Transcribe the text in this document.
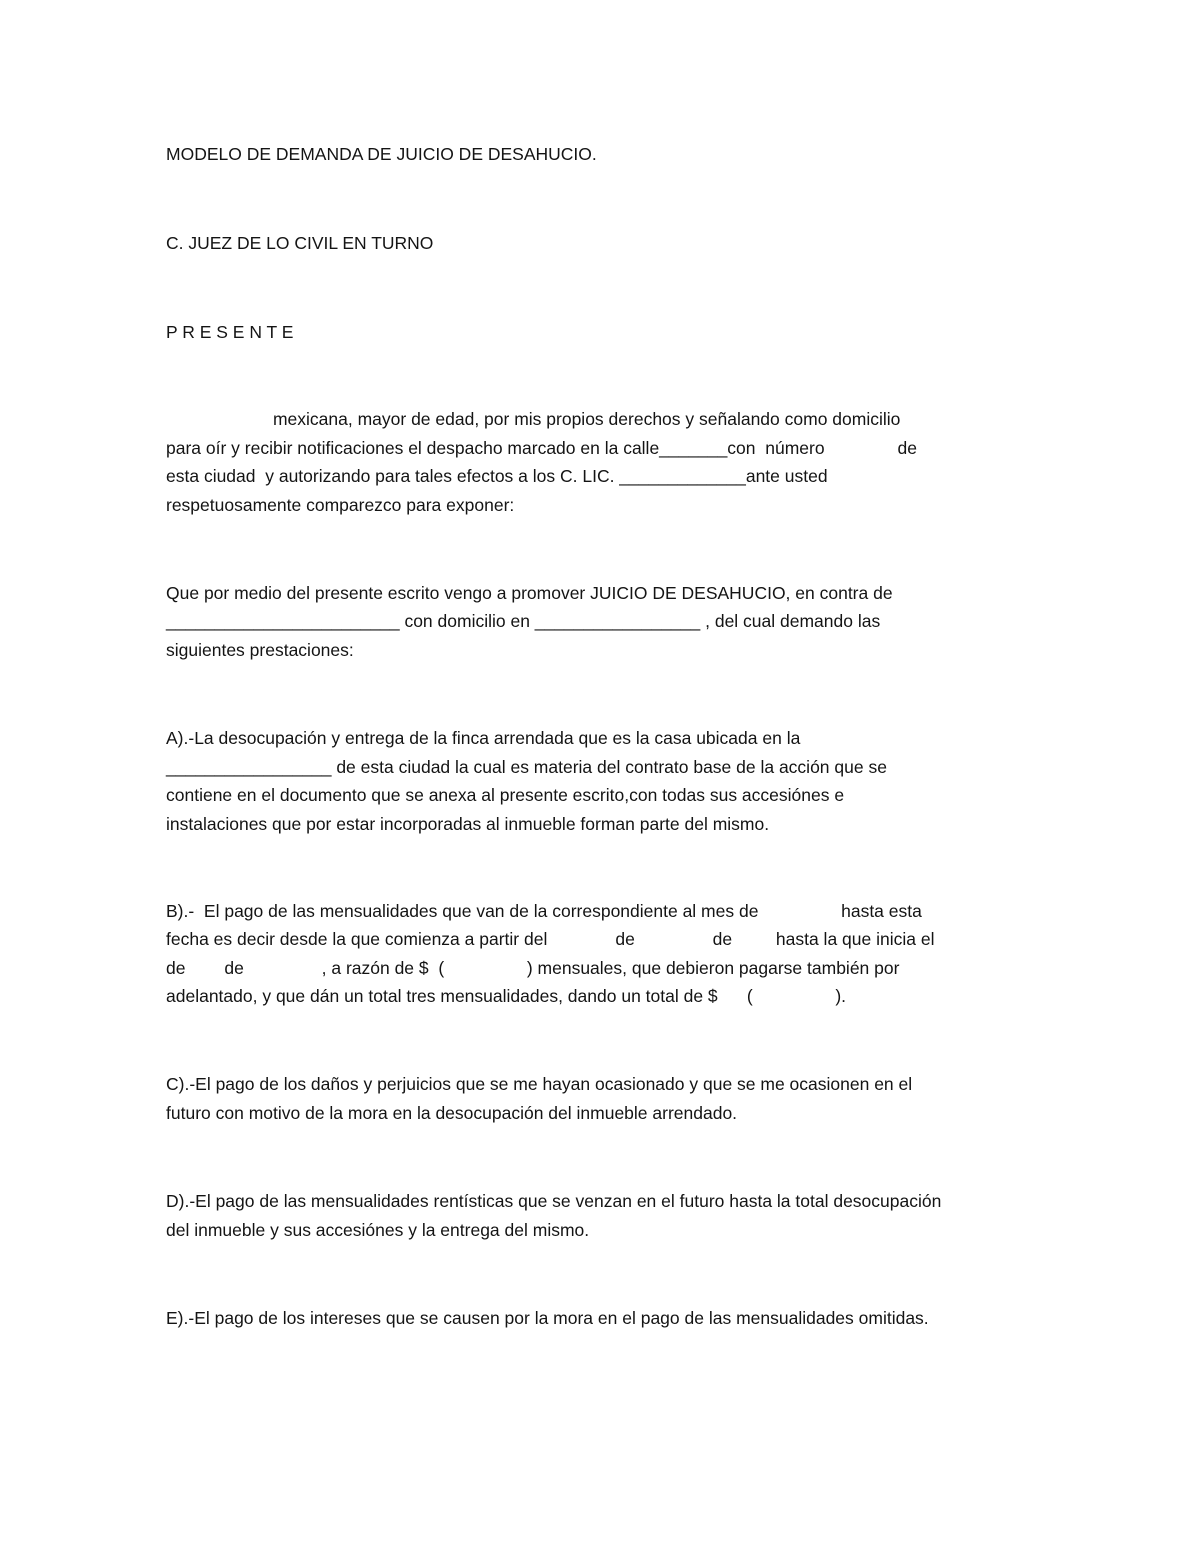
MODELO DE DEMANDA DE JUICIO DE DESAHUCIO.

C. JUEZ DE LO CIVIL EN TURNO

P R E S E N T E

mexicana, mayor de edad, por mis propios derechos y señalando como domicilio

para oír y recibir notificaciones el despacho marcado en la calle_______con  número               de

esta ciudad  y autorizando para tales efectos a los C. LIC. _____________ante usted

respetuosamente comparezco para exponer:

Que por medio del presente escrito vengo a promover JUICIO DE DESAHUCIO, en contra de

________________________ con domicilio en _________________ , del cual demando las

siguientes prestaciones:

A).-La desocupación y entrega de la finca arrendada que es la casa ubicada en la

_________________ de esta ciudad la cual es materia del contrato base de la acción que se

contiene en el documento que se anexa al presente escrito,con todas sus accesiónes e

instalaciones que por estar incorporadas al inmueble forman parte del mismo.

B).-  El pago de las mensualidades que van de la correspondiente al mes de                 hasta esta

fecha es decir desde la que comienza a partir del              de                de         hasta la que inicia el

de        de                , a razón de $  (                 ) mensuales, que debieron pagarse también por

adelantado, y que dán un total tres mensualidades, dando un total de $      (                 ).

C).-El pago de los daños y perjuicios que se me hayan ocasionado y que se me ocasionen en el

futuro con motivo de la mora en la desocupación del inmueble arrendado.

D).-El pago de las mensualidades rentísticas que se venzan en el futuro hasta la total desocupación

del inmueble y sus accesiónes y la entrega del mismo.

E).-El pago de los intereses que se causen por la mora en el pago de las mensualidades omitidas.
